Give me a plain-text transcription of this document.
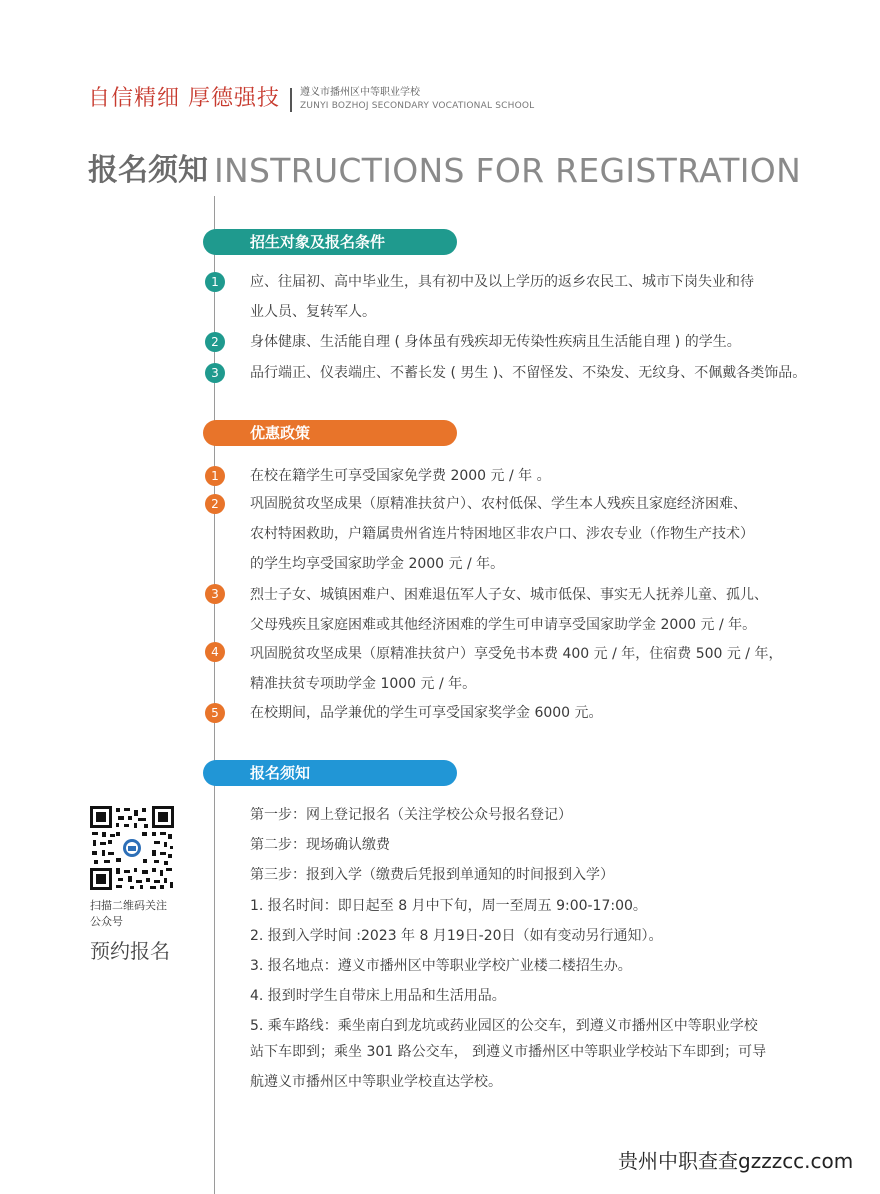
自信精细 厚德强技 遵义市播州区中等职业学校
ZUNYI BOZHOJ SECONDARY VOCATIONAL SCHOOL
报名须知 INSTRUCTIONS FOR REGISTRATION
招生对象及报名条件
1	应、往届初、高中毕业生，具有初中及以上学历的返乡农民工、城市下岗失业和待
业人员、复转军人。
2	身体健康、生活能自理 ( 身体虽有残疾却无传染性疾病且生活能自理 ) 的学生。
3	品行端正、仪表端庄、不蓄长发 ( 男生 )、不留怪发、不染发、无纹身、不佩戴各类饰品。
优惠政策
1	在校在籍学生可享受国家免学费 2000 元 / 年 。
2	巩固脱贫攻坚成果（原精准扶贫户）、农村低保、学生本人残疾且家庭经济困难、
农村特困救助，户籍属贵州省连片特困地区非农户口、涉农专业（作物生产技术）
的学生均享受国家助学金 2000 元 / 年。
3	烈士子女、城镇困难户、困难退伍军人子女、城市低保、事实无人抚养儿童、孤儿、
父母残疾且家庭困难或其他经济困难的学生可申请享受国家助学金 2000 元 / 年。
4	巩固脱贫攻坚成果（原精准扶贫户）享受免书本费 400 元 / 年，住宿费 500 元 / 年，
精准扶贫专项助学金 1000 元 / 年。
5	在校期间，品学兼优的学生可享受国家奖学金 6000 元。
报名须知
第一步：网上登记报名（关注学校公众号报名登记）
第二步：现场确认缴费
第三步：报到入学（缴费后凭报到单通知的时间报到入学）
1. 报名时间：即日起至 8 月中下旬，周一至周五 9:00-17:00。
2. 报到入学时间 :2023 年 8 月19日-20日（如有变动另行通知）。
3. 报名地点：遵义市播州区中等职业学校广业楼二楼招生办。
4. 报到时学生自带床上用品和生活用品。
5. 乘车路线：乘坐南白到龙坑或药业园区的公交车，到遵义市播州区中等职业学校
站下车即到；乘坐 301 路公交车， 到遵义市播州区中等职业学校站下车即到；可导
航遵义市播州区中等职业学校直达学校。
扫描二维码关注
公众号
预约报名
贵州中职查查gzzzcc.com
